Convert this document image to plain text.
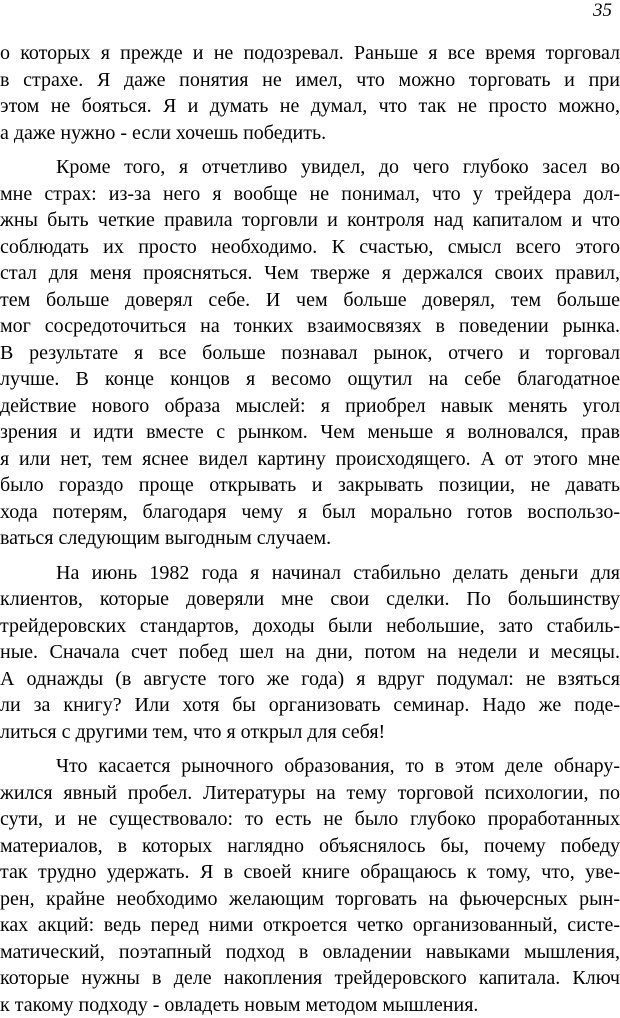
35
о которых я прежде и не подозревал. Раньше я все время торговал
в страхе. Я даже понятия не имел, что можно торговать и при
этом не бояться. Я и думать не думал, что так не просто можно,
а даже нужно - если хочешь победить.
Кроме того, я отчетливо увидел, до чего глубоко засел во
мне страх: из-за него я вообще не понимал, что у трейдера дол-
жны быть четкие правила торговли и контроля над капиталом и что
соблюдать их просто необходимо. К счастью, смысл всего этого
стал для меня проясняться. Чем тверже я держался своих правил,
тем больше доверял себе. И чем больше доверял, тем больше
мог сосредоточиться на тонких взаимосвязях в поведении рынка.
В результате я все больше познавал рынок, отчего и торговал
лучше. В конце концов я весомо ощутил на себе благодатное
действие нового образа мыслей: я приобрел навык менять угол
зрения и идти вместе с рынком. Чем меньше я волновался, прав
я или нет, тем яснее видел картину происходящего. А от этого мне
было гораздо проще открывать и закрывать позиции, не давать
хода потерям, благодаря чему я был морально готов воспользо-
ваться следующим выгодным случаем.
На июнь 1982 года я начинал стабильно делать деньги для
клиентов, которые доверяли мне свои сделки. По большинству
трейдеровских стандартов, доходы были небольшие, зато стабиль-
ные. Сначала счет побед шел на дни, потом на недели и месяцы.
А однажды (в августе того же года) я вдруг подумал: не взяться
ли за книгу? Или хотя бы организовать семинар. Надо же поде-
литься с другими тем, что я открыл для себя!
Что касается рыночного образования, то в этом деле обнару-
жился явный пробел. Литературы на тему торговой психологии, по
сути, и не существовало: то есть не было глубоко проработанных
материалов, в которых наглядно объяснялось бы, почему победу
так трудно удержать. Я в своей книге обращаюсь к тому, что, уве-
рен, крайне необходимо желающим торговать на фьючерсных рын-
ках акций: ведь перед ними откроется четко организованный, систе-
матический, поэтапный подход в овладении навыками мышления,
которые нужны в деле накопления трейдеровского капитала. Ключ
к такому подходу - овладеть новым методом мышления.
